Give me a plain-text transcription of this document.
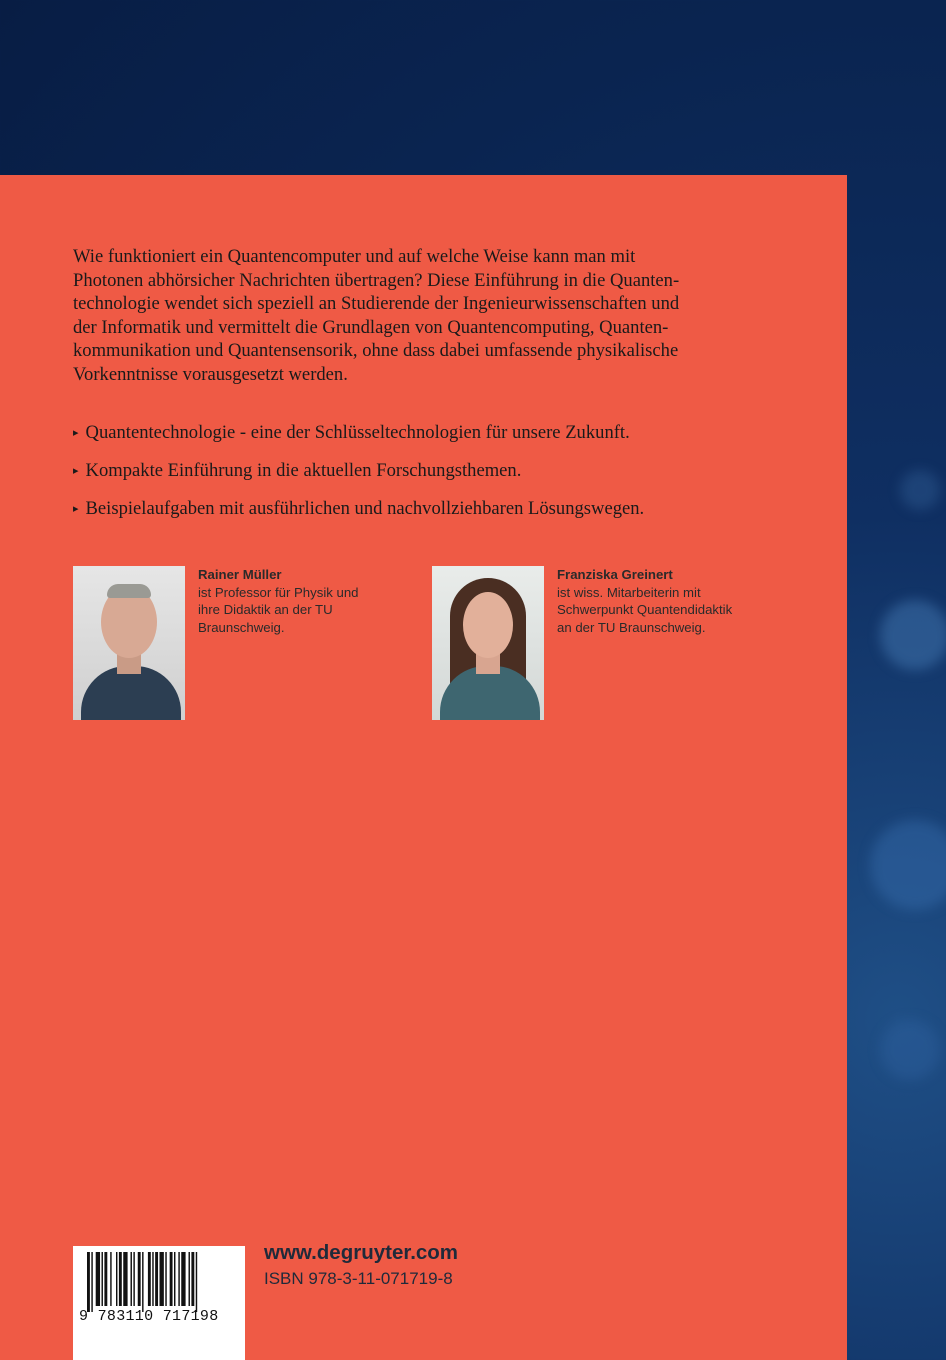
Wie funktioniert ein Quantencomputer und auf welche Weise kann man mit
Photonen abhörsicher Nachrichten übertragen? Diese Einführung in die Quanten-
technologie wendet sich speziell an Studierende der Ingenieurwissenschaften und
der Informatik und vermittelt die Grundlagen von Quantencomputing, Quanten-
kommunikation und Quantensensorik, ohne dass dabei umfassende physikalische
Vorkenntnisse vorausgesetzt werden.
▸ Quantentechnologie - eine der Schlüsseltechnologien für unsere Zukunft.
▸ Kompakte Einführung in die aktuellen Forschungsthemen.
▸ Beispielaufgaben mit ausführlichen und nachvollziehbaren Lösungswegen.
Rainer Müller
ist Professor für Physik und
ihre Didaktik an der TU
Braunschweig.
Franziska Greinert
ist wiss. Mitarbeiterin mit
Schwerpunkt Quantendidaktik
an der TU Braunschweig.
9 783110 717198
www.degruyter.com
ISBN 978-3-11-071719-8
